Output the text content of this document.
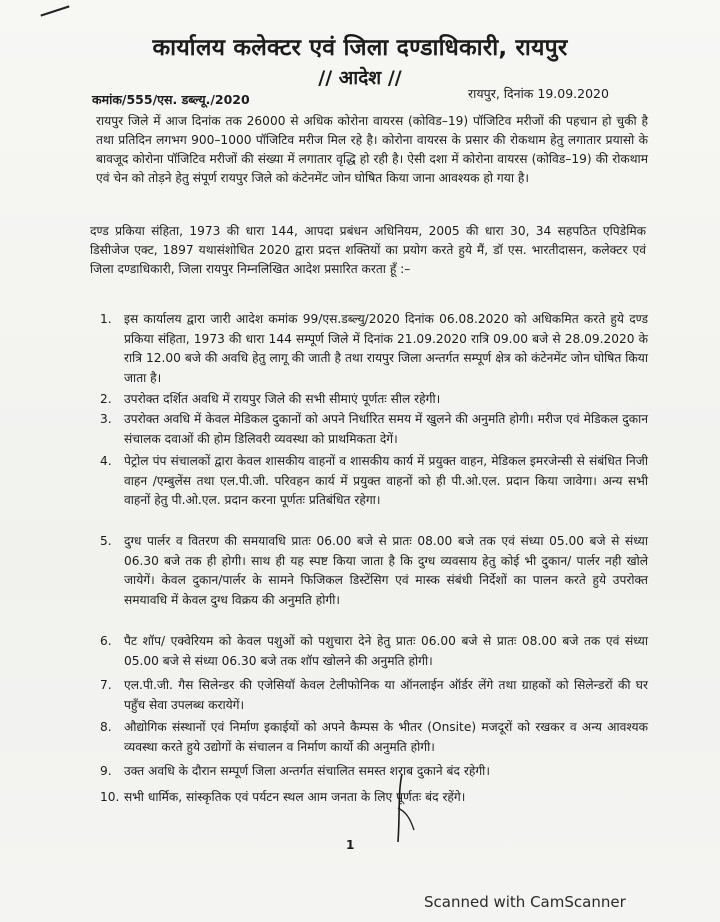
कार्यालय कलेक्टर एवं जिला दण्डाधिकारी, रायपुर
// आदेश //
कमांक/555/एस. डब्ल्यू./2020	रायपुर, दिनांक 19.09.2020
रायपुर जिले में आज दिनांक तक 26000 से अधिक कोरोना वायरस (कोविड–19) पॉजिटिव मरीजों की पहचान हो चुकी है तथा प्रतिदिन लगभग 900–1000 पॉजिटिव मरीज मिल रहे है। कोरोना वायरस के प्रसार की रोकथाम हेतु लगातार प्रयासो के बावजूद कोरोना पॉजिटिव मरीजों की संख्या में लगातार वृद्धि हो रही है। ऐसी दशा में कोरोना वायरस (कोविड–19) की रोकथाम एवं चेन को तोड़ने हेतु संपूर्ण रायपुर जिले को कंटेनमेंट जोन घोषित किया जाना आवश्यक हो गया है।
दण्ड प्रकिया संहिता, 1973 की धारा 144, आपदा प्रबंधन अधिनियम, 2005 की धारा 30, 34 सहपठित एपिडेमिक डिसीजेज एक्ट, 1897 यथासंशोधित 2020 द्वारा प्रदत्त शक्तियों का प्रयोग करते हुये मैं, डॉ एस. भारतीदासन, कलेक्टर एवं जिला दण्डाधिकारी, जिला रायपुर निम्नलिखित आदेश प्रसारित करता हूँ :–
1.	इस कार्यालय द्वारा जारी आदेश कमांक 99/एस.डब्ल्यु/2020 दिनांक 06.08.2020 को अधिकमित करते हुये दण्ड प्रकिया संहिता, 1973 की धारा 144 सम्पूर्ण जिले में दिनांक 21.09.2020 रात्रि 09.00 बजे से 28.09.2020 के रात्रि 12.00 बजे की अवधि हेतु लागू की जाती है तथा रायपुर जिला अन्तर्गत सम्पूर्ण क्षेत्र को कंटेनमेंट जोन घोषित किया जाता है।
2.	उपरोक्त दर्शित अवधि में रायपुर जिले की सभी सीमाएं पूर्णतः सील रहेगी।
3.	उपरोक्त अवधि में केवल मेडिकल दुकानों को अपने निर्धारित समय में खुलने की अनुमति होगी। मरीज एवं मेडिकल दुकान संचालक दवाओं की होम डिलिवरी व्यवस्था को प्राथमिकता देगें।
4.	पेट्रोल पंप संचालकों द्वारा केवल शासकीय वाहनों व शासकीय कार्य में प्रयुक्त वाहन, मेडिकल इमरजेन्सी से संबंधित निजी वाहन /एम्बुलेंस तथा एल.पी.जी. परिवहन कार्य में प्रयुक्त वाहनों को ही पी.ओ.एल. प्रदान किया जावेगा। अन्य सभी वाहनों हेतु पी.ओ.एल. प्रदान करना पूर्णतः प्रतिबंधित रहेगा।
5.	दुग्ध पार्लर व वितरण की समयावधि प्रातः 06.00 बजे से प्रातः 08.00 बजे तक एवं संध्या 05.00 बजे से संध्या 06.30 बजे तक ही होगी। साथ ही यह स्पष्ट किया जाता है कि दुग्ध व्यवसाय हेतु कोई भी दुकान/ पार्लर नही खोले जायेगें। केवल दुकान/पार्लर के सामने फिजिकल डिस्टेंसिग एवं मास्क संबंधी निर्देशों का पालन करते हुये उपरोक्त समयावधि में केवल दुग्ध विक्रय की अनुमति होगी।
6.	पैट शॉप/ एक्वेरियम को केवल पशुओं को पशुचारा देने हेतु प्रातः 06.00 बजे से प्रातः 08.00 बजे तक एवं संध्या 05.00 बजे से संध्या 06.30 बजे तक शॉप खोलने की अनुमति होगी।
7.	एल.पी.जी. गैस सिलेन्डर की एजेसियॉ केवल टेलीफोनिक या ऑनलाईन ऑर्डर लेंगे तथा ग्राहकों को सिलेन्डरों की घर पहुँच सेवा उपलब्ध करायेगें।
8.	औद्योगिक संस्थानों एवं निर्माण इकाईयों को अपने कैम्पस के भीतर (Onsite) मजदूरों को रखकर व अन्य आवश्यक व्यवस्था करते हुये उद्योगों के संचालन व निर्माण कार्यो की अनुमति होगी।
9.	उक्त अवधि के दौरान सम्पूर्ण जिला अन्तर्गत संचालित समस्त शराब दुकाने बंद रहेगी।
10. सभी धार्मिक, सांस्कृतिक एवं पर्यटन स्थल आम जनता के लिए पूर्णतः बंद रहेंगे।
1
Scanned with CamScanner
